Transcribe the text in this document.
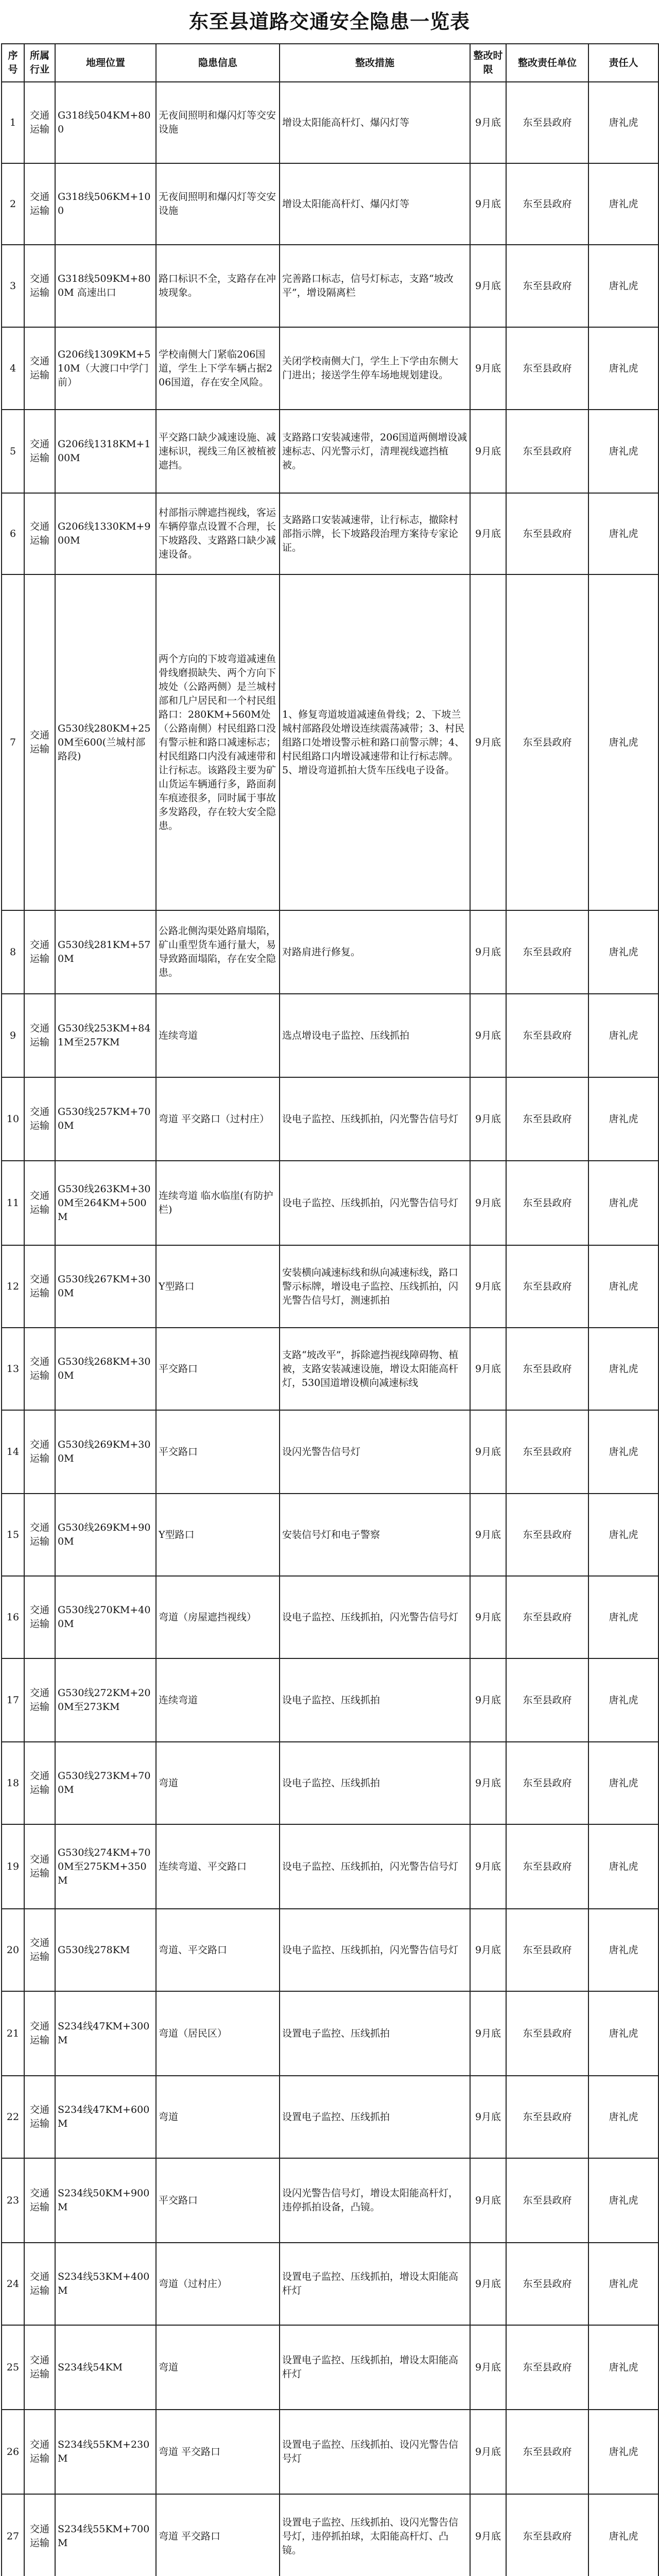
东至县道路交通安全隐患一览表
序号	所属行业	地理位置	隐患信息	整改措施	整改时限	整改责任单位	责任人
1	交通运输	G318线504KM+800	无夜间照明和爆闪灯等交安设施	增设太阳能高杆灯、爆闪灯等	9月底	东至县政府	唐礼虎
2	交通运输	G318线506KM+100	无夜间照明和爆闪灯等交安设施	增设太阳能高杆灯、爆闪灯等	9月底	东至县政府	唐礼虎
3	交通运输	G318线509KM+800M 高速出口	路口标识不全，支路存在冲坡现象。	完善路口标志，信号灯标志，支路“坡改平”，增设隔离栏	9月底	东至县政府	唐礼虎
4	交通运输	G206线1309KM+510M（大渡口中学门前）	学校南侧大门紧临206国道，学生上下学车辆占据206国道，存在安全风险。	关闭学校南侧大门，学生上下学由东侧大门进出；接送学生停车场地规划建设。	9月底	东至县政府	唐礼虎
5	交通运输	G206线1318KM+100M	平交路口缺少减速设施、减速标识，视线三角区被植被遮挡。	支路路口安装减速带，206国道两侧增设减速标志、闪光警示灯，清理视线遮挡植被。	9月底	东至县政府	唐礼虎
6	交通运输	G206线1330KM+900M	村部指示牌遮挡视线，客运车辆停靠点设置不合理，长下坡路段、支路路口缺少减速设备。	支路路口安装减速带，让行标志，撤除村部指示牌，长下坡路段治理方案待专家论证。	9月底	东至县政府	唐礼虎
7	交通运输	G530线280KM+250M至600(兰城村部路段)	两个方向的下坡弯道减速鱼骨线磨损缺失、两个方向下坡处（公路两侧）是兰城村部和几户居民和一个村民组路口：280KM+560M处（公路南侧）村民组路口没有警示桩和路口减速标志；村民组路口内没有减速带和让行标志。该路段主要为矿山货运车辆通行多，路面刹车痕迹很多，同时属于事故多发路段，存在较大安全隐患。	1、修复弯道坡道减速鱼骨线；2、下坡兰城村部路段处增设连续震荡减带；3、村民组路口处增设警示桩和路口前警示牌；4、村民组路口内增设减速带和让行标志牌。 5、增设弯道抓拍大货车压线电子设备。	9月底	东至县政府	唐礼虎
8	交通运输	G530线281KM+570M	公路北侧沟渠处路肩塌陷，矿山重型货车通行量大，易导致路面塌陷，存在安全隐患。	对路肩进行修复。	9月底	东至县政府	唐礼虎
9	交通运输	G530线253KM+841M至257KM	连续弯道	选点增设电子监控、压线抓拍	9月底	东至县政府	唐礼虎
10	交通运输	G530线257KM+700M	弯道 平交路口（过村庄）	设电子监控、压线抓拍，闪光警告信号灯	9月底	东至县政府	唐礼虎
11	交通运输	G530线263KM+300M至264KM+500M	连续弯道 临水临崖(有防护栏)	设电子监控、压线抓拍，闪光警告信号灯	9月底	东至县政府	唐礼虎
12	交通运输	G530线267KM+300M	Y型路口	安装横向减速标线和纵向减速标线，路口警示标牌，增设电子监控、压线抓拍，闪光警告信号灯，测速抓拍	9月底	东至县政府	唐礼虎
13	交通运输	G530线268KM+300M	平交路口	支路“坡改平”，拆除遮挡视线障碍物、植被，支路安装减速设施，增设太阳能高杆灯，530国道增设横向减速标线	9月底	东至县政府	唐礼虎
14	交通运输	G530线269KM+300M	平交路口	设闪光警告信号灯	9月底	东至县政府	唐礼虎
15	交通运输	G530线269KM+900M	Y型路口	安装信号灯和电子警察	9月底	东至县政府	唐礼虎
16	交通运输	G530线270KM+400M	弯道（房屋遮挡视线）	设电子监控、压线抓拍，闪光警告信号灯	9月底	东至县政府	唐礼虎
17	交通运输	G530线272KM+200M至273KM	连续弯道	设电子监控、压线抓拍	9月底	东至县政府	唐礼虎
18	交通运输	G530线273KM+700M	弯道	设电子监控、压线抓拍	9月底	东至县政府	唐礼虎
19	交通运输	G530线274KM+700M至275KM+350M	连续弯道、平交路口	设电子监控、压线抓拍，闪光警告信号灯	9月底	东至县政府	唐礼虎
20	交通运输	G530线278KM	弯道、平交路口	设电子监控、压线抓拍，闪光警告信号灯	9月底	东至县政府	唐礼虎
21	交通运输	S234线47KM+300M	弯道（居民区）	设置电子监控、压线抓拍	9月底	东至县政府	唐礼虎
22	交通运输	S234线47KM+600M	弯道	设置电子监控、压线抓拍	9月底	东至县政府	唐礼虎
23	交通运输	S234线50KM+900M	平交路口	设闪光警告信号灯，增设太阳能高杆灯，违停抓拍设备，凸镜。	9月底	东至县政府	唐礼虎
24	交通运输	S234线53KM+400M	弯道（过村庄）	设置电子监控、压线抓拍，增设太阳能高杆灯	9月底	东至县政府	唐礼虎
25	交通运输	S234线54KM	弯道	设置电子监控、压线抓拍，增设太阳能高杆灯	9月底	东至县政府	唐礼虎
26	交通运输	S234线55KM+230M	弯道 平交路口	设置电子监控、压线抓拍、设闪光警告信号灯	9月底	东至县政府	唐礼虎
27	交通运输	S234线55KM+700M	弯道 平交路口	设置电子监控、压线抓拍、设闪光警告信号灯，违停抓拍球，太阳能高杆灯、凸镜。	9月底	东至县政府	唐礼虎
